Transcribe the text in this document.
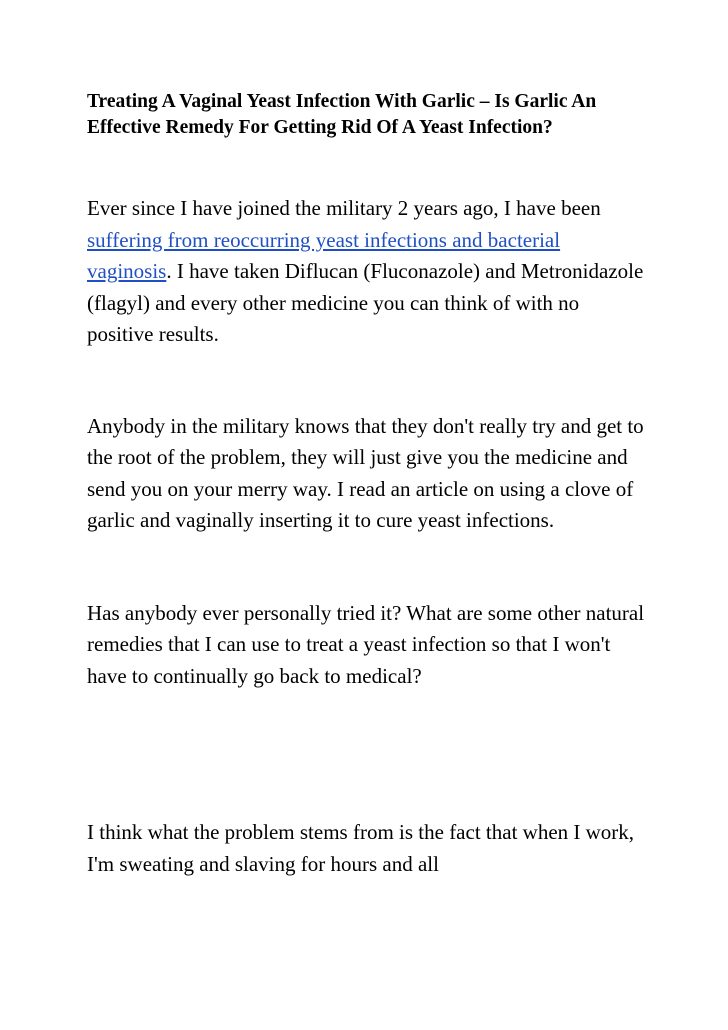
Treating A Vaginal Yeast Infection With Garlic – Is Garlic An Effective Remedy For Getting Rid Of A Yeast Infection?

Ever since I have joined the military 2 years ago, I have been suffering from reoccurring yeast infections and bacterial vaginosis. I have taken Diflucan (Fluconazole) and Metronidazole (flagyl) and every other medicine you can think of with no positive results.

Anybody in the military knows that they don't really try and get to the root of the problem, they will just give you the medicine and send you on your merry way. I read an article on using a clove of garlic and vaginally inserting it to cure yeast infections.

Has anybody ever personally tried it? What are some other natural remedies that I can use to treat a yeast infection so that I won't have to continually go back to medical?

I think what the problem stems from is the fact that when I work, I'm sweating and slaving for hours and all
